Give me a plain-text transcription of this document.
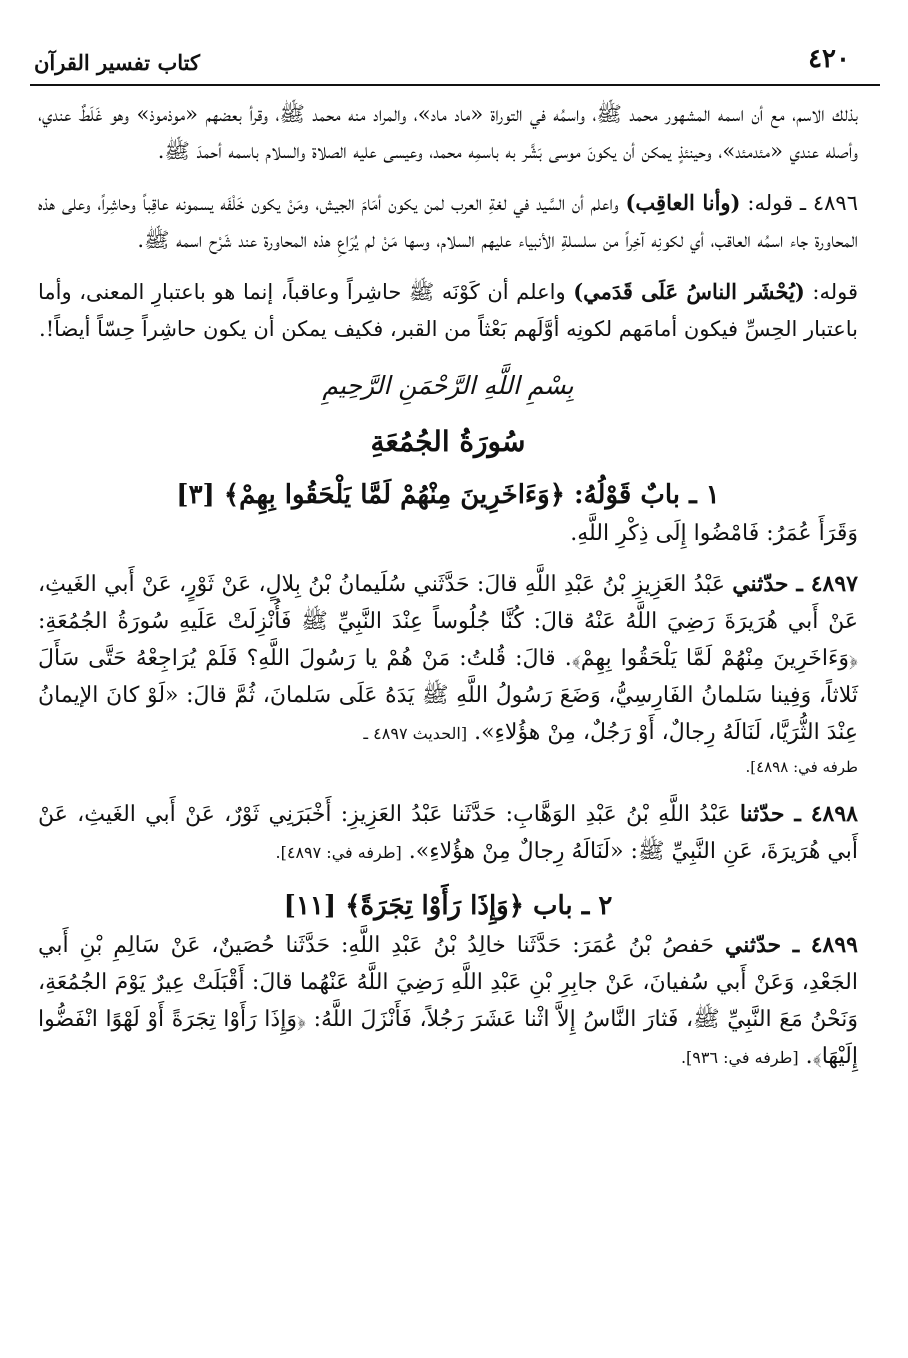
٤٢٠
كتاب تفسير القرآن

بذلك الاسم، مع أن اسمه المشهور محمد ﷺ، واسمُه في التوراة «ماد ماد»، والمراد منه محمد ﷺ، وقرأ بعضهم «موذموذ» وهو غَلَطٌ عندي، وأصله عندي «مئدمئد»، وحينئذٍ يمكن أن يكونَ موسى بَشَّر به باسمِه محمد، وعيسى عليه الصلاة والسلام باسمه أحمدَ ﷺ.

٤٨٩٦ ـ قوله: (وأنا العاقِب) واعلم أن السَّيد في لغةِ العرب لمن يكون أمَامَ الجيش، ومَنْ يكون خَلْفَه يسمونه عاقِباً وحاشِراً، وعلى هذه المحاورة جاء اسمُه العاقب، أي لكونِه آخِراً من سلسلةِ الأنبياء عليهم السلام، وسها مَنْ لم يُرَاعِ هذه المحاورة عند شَرْح اسمه ﷺ.

قوله: (يُحْشَر الناسُ عَلَى قَدَمي) واعلم أن كَوْنَه ﷺ حاشِراً وعاقباً، إنما هو باعتبارِ المعنى، وأما باعتبار الحِسِّ فيكون أمامَهم لكونِه أوَّلَهم بَعْثاً من القبر، فكيف يمكن أن يكون حاشِراً حِسّاً أيضاً!.

بِسْمِ اللَّهِ الرَّحْمَنِ الرَّحِيمِ
سُورَةُ الجُمُعَةِ
١ ـ بابٌ قَوْلُهُ: ﴿وَءَاخَرِينَ مِنْهُمْ لَمَّا يَلْحَقُوا بِهِمْ﴾ [٣]

وَقَرَأَ عُمَرُ: فَامْضُوا إِلَى ذِكْرِ اللَّهِ.

٤٨٩٧ ـ حدّثني عَبْدُ العَزِيزِ بْنُ عَبْدِ اللَّهِ قالَ: حَدَّثَني سُلَيمانُ بْنُ بِلالٍ، عَنْ ثَوْرٍ، عَنْ أَبي الغَيثِ، عَنْ أَبي هُرَيرَةَ رَضِيَ اللَّهُ عَنْهُ قالَ: كُنَّا جُلُوساً عِنْدَ النَّبِيِّ ﷺ فَأُنْزِلَتْ عَلَيهِ سُورَةُ الجُمُعَةِ: ﴿وَءَاخَرِينَ مِنْهُمْ لَمَّا يَلْحَقُوا بِهِمْ﴾. قالَ: قُلتُ: مَنْ هُمْ يا رَسُولَ اللَّهِ؟ فَلَمْ يُرَاجِعْهُ حَتَّى سَأَلَ ثَلاثاً، وَفِينا سَلمانُ الفَارِسِيُّ، وَضَعَ رَسُولُ اللَّهِ ﷺ يَدَهُ عَلَى سَلمانَ، ثُمَّ قالَ: «لَوْ كانَ الإيمانُ عِنْدَ الثُّرَيَّا، لَنَالَهُ رِجالٌ، أَوْ رَجُلٌ، مِنْ هؤُلاءِ». [الحديث ٤٨٩٧ ـ

طرفه في: ٤٨٩٨].

٤٨٩٨ ـ حدّثنا عَبْدُ اللَّهِ بْنُ عَبْدِ الوَهَّابِ: حَدَّثَنا عَبْدُ العَزِيزِ: أَخْبَرَنِي ثَوْرٌ، عَنْ أَبي الغَيثِ، عَنْ أَبي هُرَيرَةَ، عَنِ النَّبِيِّ ﷺ: «لَنَالَهُ رِجالٌ مِنْ هؤُلاءِ». [طرفه في: ٤٨٩٧].

٢ ـ باب ﴿وَإِذَا رَأَوْا تِجَرَةً﴾ [١١]

٤٨٩٩ ـ حدّثني حَفصُ بْنُ عُمَرَ: حَدَّثَنا خالِدُ بْنُ عَبْدِ اللَّهِ: حَدَّثَنا حُصَينٌ، عَنْ سَالِمِ بْنِ أَبي الجَعْدِ، وَعَنْ أَبي سُفيانَ، عَنْ جابِرِ بْنِ عَبْدِ اللَّهِ رَضِيَ اللَّهُ عَنْهُما قالَ: أَقْبَلَتْ عِيرٌ يَوْمَ الجُمُعَةِ، وَنَحْنُ مَعَ النَّبِيِّ ﷺ، فَثارَ النَّاسُ إِلاَّ اثْنا عَشَرَ رَجُلاً، فَأَنْزَلَ اللَّهُ: ﴿وَإِذَا رَأَوْا تِجَرَةً أَوْ لَهْوًا انْفَضُّوا إِلَيْهَا﴾. [طرفه في: ٩٣٦].
